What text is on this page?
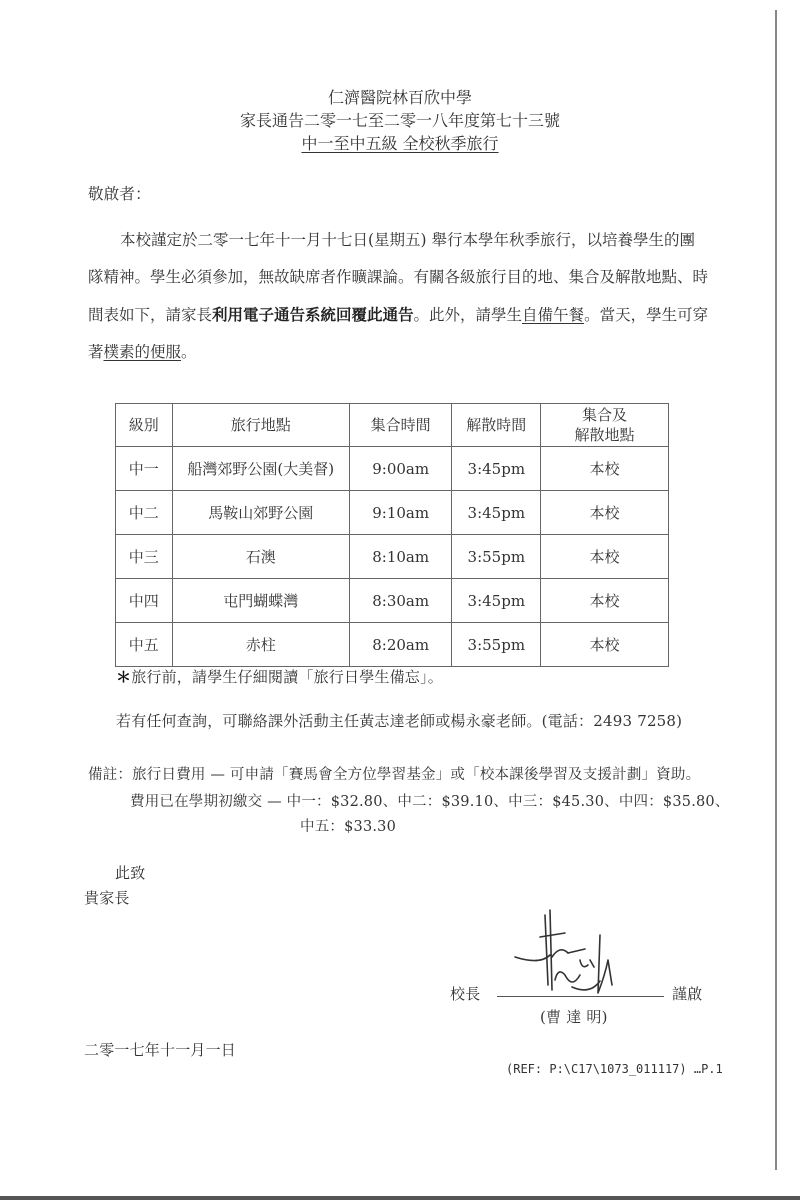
仁濟醫院林百欣中學
家長通告二零一七至二零一八年度第七十三號
中一至中五級 全校秋季旅行
敬啟者：
本校謹定於二零一七年十一月十七日(星期五) 舉行本學年秋季旅行，以培養學生的團
隊精神。學生必須參加，無故缺席者作曠課論。有關各級旅行目的地、集合及解散地點、時
間表如下，請家長利用電子通告系統回覆此通告。此外，請學生自備午餐。當天，學生可穿
著樸素的便服。
級別	旅行地點	集合時間	解散時間	集合及
解散地點
中一	船灣郊野公園(大美督)	9:00am	3:45pm	本校
中二	馬鞍山郊野公園	9:10am	3:45pm	本校
中三	石澳	8:10am	3:55pm	本校
中四	屯門蝴蝶灣	8:30am	3:45pm	本校
中五	赤柱	8:20am	3:55pm	本校
＊旅行前，請學生仔細閱讀「旅行日學生備忘」。
若有任何查詢，可聯絡課外活動主任黃志達老師或楊永豪老師。(電話：2493 7258)
備註：旅行日費用 — 可申請「賽馬會全方位學習基金」或「校本課後學習及支援計劃」資助。
費用已在學期初繳交 — 中一：$32.80、中二：$39.10、中三：$45.30、中四：$35.80、
中五：$33.30
此致
貴家長
校長	謹啟
(曹 達 明)
二零一七年十一月一日
(REF: P:\C17\1073_011117) …P.1
